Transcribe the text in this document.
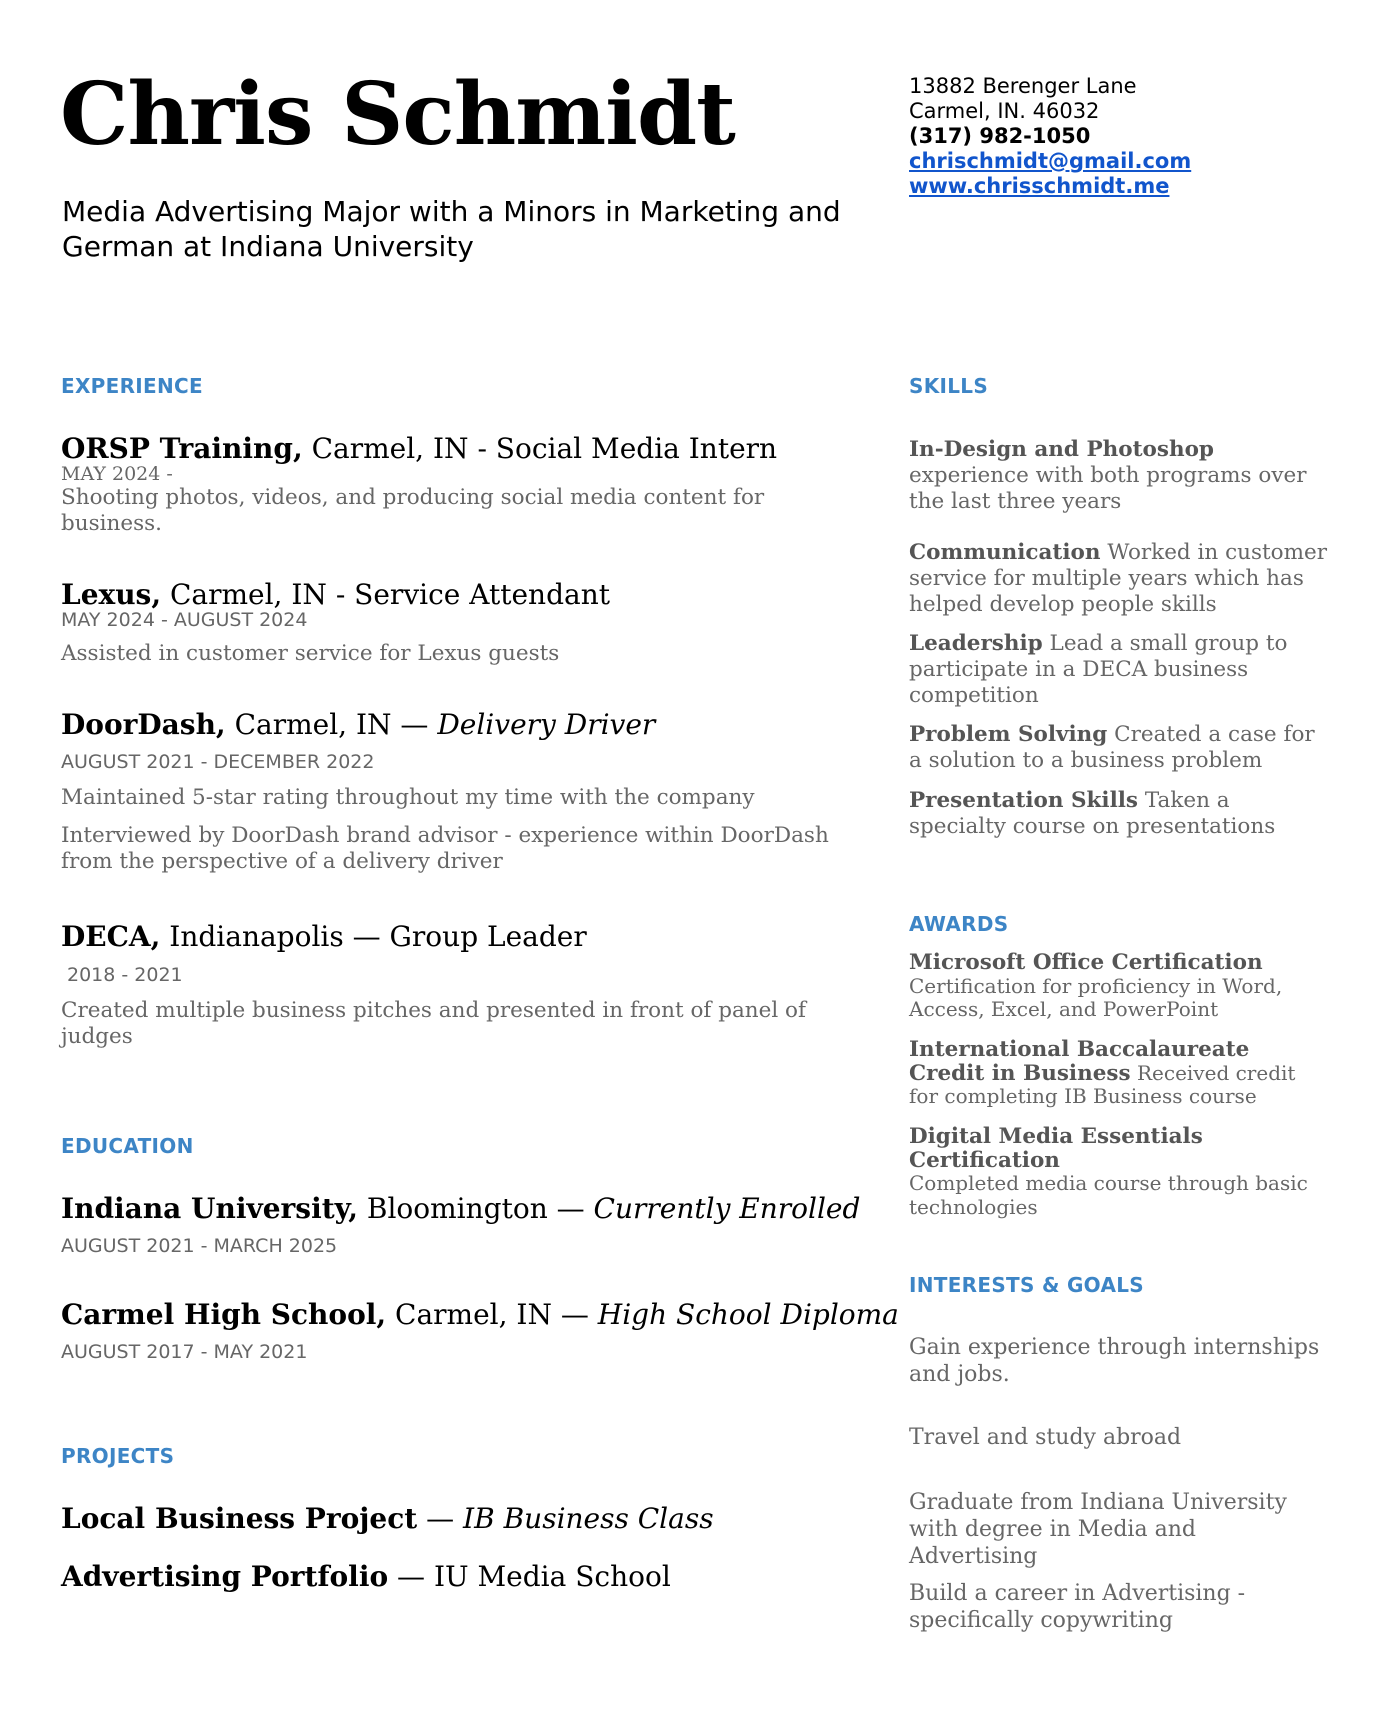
Chris Schmidt
Media Advertising Major with a Minors in Marketing and German at Indiana University
13882 Berenger Lane
Carmel, IN. 46032
(317) 982-1050
chrischmidt@gmail.com
www.chrisschmidt.me
EXPERIENCE
ORSP Training, Carmel, IN - Social Media Intern
MAY 2024 -
Shooting photos, videos, and producing social media content for business.
Lexus, Carmel, IN - Service Attendant
MAY 2024 - AUGUST 2024
Assisted in customer service for Lexus guests
DoorDash, Carmel, IN — Delivery Driver
AUGUST 2021 - DECEMBER 2022
Maintained 5-star rating throughout my time with the company
Interviewed by DoorDash brand advisor - experience within DoorDash from the perspective of a delivery driver
DECA, Indianapolis — Group Leader
2018 - 2021
Created multiple business pitches and presented in front of panel of judges
EDUCATION
Indiana University, Bloomington — Currently Enrolled
AUGUST 2021 - MARCH 2025
Carmel High School, Carmel, IN — High School Diploma
AUGUST 2017 - MAY 2021
PROJECTS
Local Business Project — IB Business Class
Advertising Portfolio — IU Media School
SKILLS
In-Design and Photoshop experience with both programs over the last three years
Communication Worked in customer service for multiple years which has helped develop people skills
Leadership Lead a small group to participate in a DECA business competition
Problem Solving Created a case for a solution to a business problem
Presentation Skills Taken a specialty course on presentations
AWARDS
Microsoft Office Certification
Certification for proficiency in Word, Access, Excel, and PowerPoint
International Baccalaureate Credit in Business Received credit for completing IB Business course
Digital Media Essentials Certification
Completed media course through basic technologies
INTERESTS & GOALS
Gain experience through internships and jobs.
Travel and study abroad
Graduate from Indiana University with degree in Media and Advertising
Build a career in Advertising - specifically copywriting
